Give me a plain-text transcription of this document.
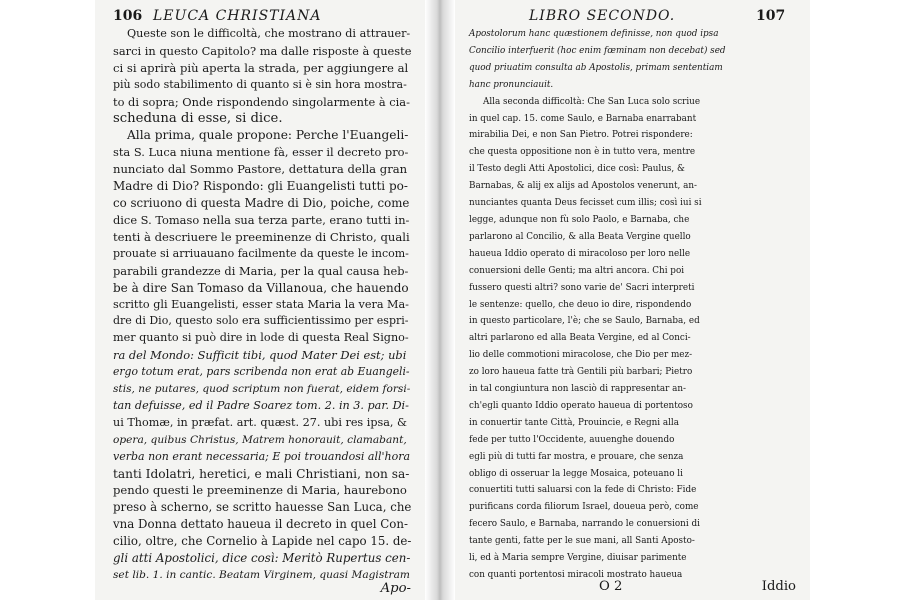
106 LEUCA CHRISTIANA
Queste son le difficoltà, che mostrano di attrauer-
sarci in questo Capitolo? ma dalle risposte à queste
ci si aprirà più aperta la strada, per aggiungere al
più sodo stabilimento di quanto si è sin hora mostra-
to di sopra; Onde rispondendo singolarmente à cia-
scheduna di esse, si dice.
Alla prima, quale propone: Perche l'Euangeli-
sta S. Luca niuna mentione fà, esser il decreto pro-
nunciato dal Sommo Pastore, dettatura della gran
Madre di Dio? Rispondo: gli Euangelisti tutti po-
co scriuono di questa Madre di Dio, poiche, come
dice S. Tomaso nella sua terza parte, erano tutti in-
tenti à descriuere le preeminenze di Christo, quali
prouate si arriuauano facilmente da queste le incom-
parabili grandezze di Maria, per la qual causa heb-
be à dire San Tomaso da Villanoua, che hauendo
scritto gli Euangelisti, esser stata Maria la vera Ma-
dre di Dio, questo solo era sufficientissimo per espri-
mer quanto si può dire in lode di questa Real Signo-
ra del Mondo: Sufficit tibi, quod Mater Dei est; ubi
ergo totum erat, pars scribenda non erat ab Euangeli-
stis, ne putares, quod scriptum non fuerat, eidem forsi-
tan defuisse, ed il Padre Soarez tom. 2. in 3. par. Di-
ui Thomæ, in præfat. art. quæst. 27. ubi res ipsa, &
opera, quibus Christus, Matrem honorauit, clamabant,
verba non erant necessaria; E poi trouandosi all'hora
tanti Idolatri, heretici, e mali Christiani, non sa-
pendo questi le preeminenze di Maria, haurebono
preso à scherno, se scritto hauesse San Luca, che
vna Donna dettato haueua il decreto in quel Con-
cilio, oltre, che Cornelio à Lapide nel capo 15. de-
gli atti Apostolici, dice così: Meritò Rupertus cen-
set lib. 1. in cantic. Beatam Virginem, quasi Magistram
Apo-
LIBRO SECONDO.	107
Apostolorum hanc quæstionem definisse, non quod ipsa
Concilio interfuerit (hoc enim fœminam non decebat) sed
quod priuatim consulta ab Apostolis, primam sententiam
hanc pronunciauit.
Alla seconda difficoltà: Che San Luca solo scriue
in quel cap. 15. come Saulo, e Barnaba enarrabant
mirabilia Dei, e non San Pietro. Potrei rispondere:
che questa oppositione non è in tutto vera, mentre
il Testo degli Atti Apostolici, dice così: Paulus, &
Barnabas, & alij ex alijs ad Apostolos venerunt, an-
nunciantes quanta Deus fecisset cum illis; così iui si
legge, adunque non fù solo Paolo, e Barnaba, che
parlarono al Concilio, & alla Beata Vergine quello
haueua Iddio operato di miracoloso per loro nelle
conuersioni delle Genti; ma altri ancora. Chi poi
fussero questi altri? sono varie de' Sacri interpreti
le sentenze: quello, che deuo io dire, rispondendo
in questo particolare, l'è; che se Saulo, Barnaba, ed
altri parlarono ed alla Beata Vergine, ed al Conci-
lio delle commotioni miracolose, che Dio per mez-
zo loro haueua fatte trà Gentili più barbari; Pietro
in tal congiuntura non lasciò di rappresentar an-
ch'egli quanto Iddio operato haueua di portentoso
in conuertir tante Città, Prouincie, e Regni alla
fede per tutto l'Occidente, auuenghe douendo
egli più di tutti far mostra, e prouare, che senza
obligo di osseruar la legge Mosaica, poteuano li
conuertiti tutti saluarsi con la fede di Christo: Fide
purificans corda filiorum Israel, doueua però, come
fecero Saulo, e Barnaba, narrando le conuersioni di
tante genti, fatte per le sue mani, all Santi Aposto-
li, ed à Maria sempre Vergine, diuisar parimente
con quanti portentosi miracoli mostrato haueua
O 2	Iddio
